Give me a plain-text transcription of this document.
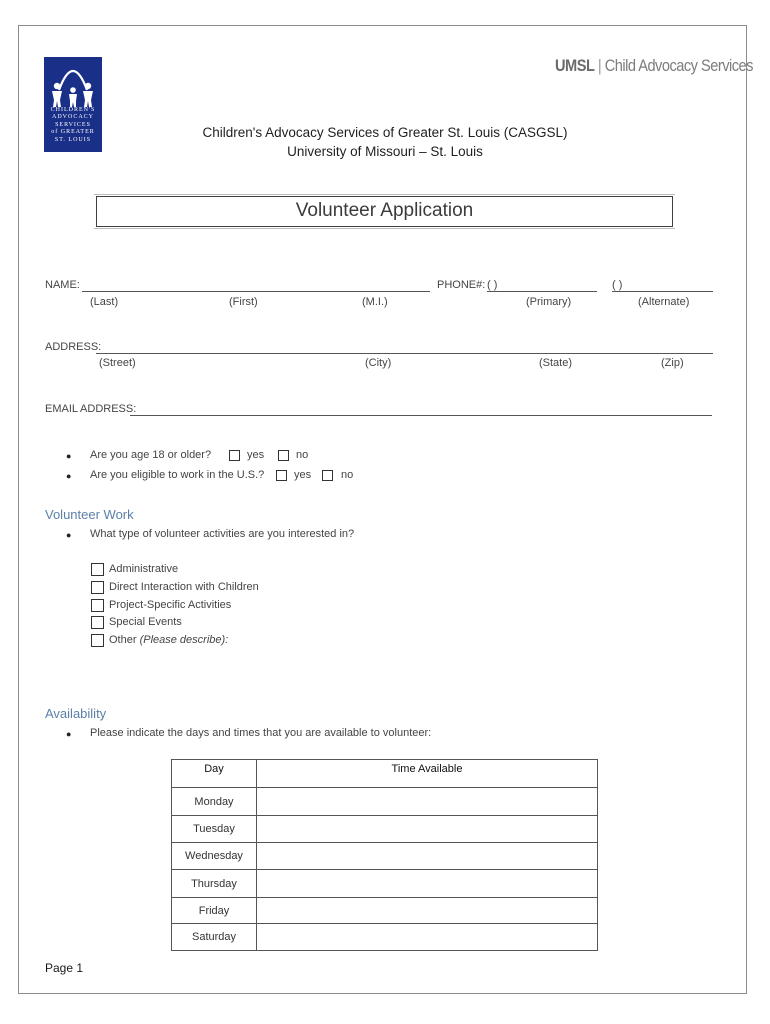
CHILDREN'S
ADVOCACY
SERVICES
of GREATER
ST. LOUIS
UMSL | Child Advocacy Services
Children's Advocacy Services of Greater St. Louis (CASGSL)
University of Missouri – St. Louis
Volunteer Application
NAME:	PHONE#: ( )	( )
(Last)	(First)	(M.I.)	(Primary)	(Alternate)
ADDRESS:
(Street)	(City)	(State)	(Zip)
EMAIL ADDRESS:
● Are you age 18 or older?	yes	no
● Are you eligible to work in the U.S.?	yes	no
Volunteer Work
● What type of volunteer activities are you interested in?
Administrative
Direct Interaction with Children
Project-Specific Activities
Special Events
Other (Please describe):
Availability
● Please indicate the days and times that you are available to volunteer:
Day	Time Available
Monday	
Tuesday	
Wednesday	
Thursday	
Friday	
Saturday	
Page 1
